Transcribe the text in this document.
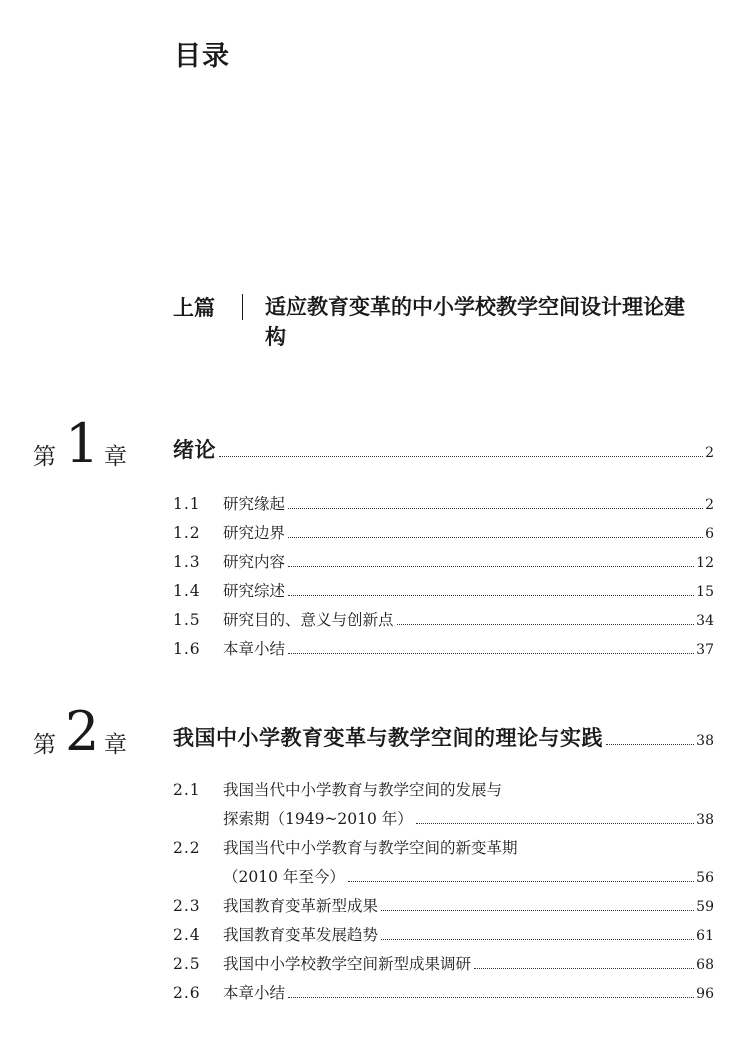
目录
上篇 适应教育变革的中小学校教学空间设计理论建构
第 1 章 绪论	2
1.1	研究缘起	2
1.2	研究边界	6
1.3	研究内容	12
1.4	研究综述	15
1.5	研究目的、意义与创新点	34
1.6	本章小结	37
第 2 章 我国中小学教育变革与教学空间的理论与实践	38
2.1	我国当代中小学教育与教学空间的发展与
探索期（1949~2010 年）	38
2.2	我国当代中小学教育与教学空间的新变革期
（2010 年至今）	56
2.3	我国教育变革新型成果	59
2.4	我国教育变革发展趋势	61
2.5	我国中小学校教学空间新型成果调研	68
2.6	本章小结	96
